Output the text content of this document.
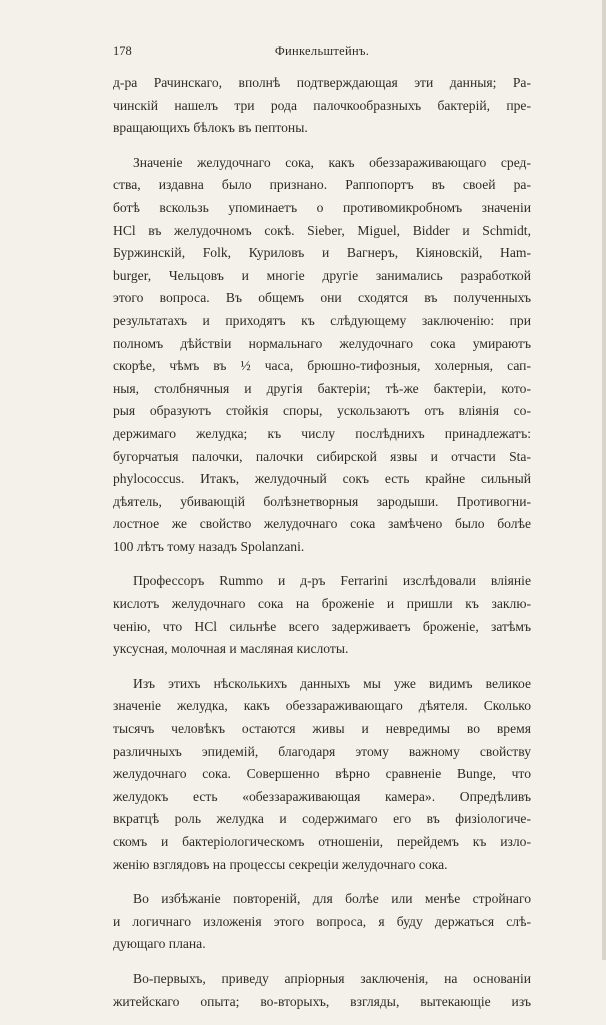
178	Финкельштейнъ.
д-ра Рачинскаго, вполнѣ подтверждающая эти данныя; Ра-
чинскій нашелъ три рода палочкообразныхъ бактерій, пре-
вращающихъ бѣлокъ въ пептоны.
Значеніе желудочнаго сока, какъ обеззараживающаго сред-
ства, издавна было признано. Раппопортъ въ своей ра-
ботѣ вскользь упоминаетъ о противомикробномъ значеніи
HCl въ желудочномъ сокѣ. Sieber, Miguel, Bidder и Schmidt,
Буржинскій, Folk, Куриловъ и Вагнеръ, Кіяновскій, Ham-
burger, Чельцовъ и многіе другіе занимались разработкой
этого вопроса. Въ общемъ они сходятся въ полученныхъ
результатахъ и приходятъ къ слѣдующему заключенію: при
полномъ дѣйствіи нормальнаго желудочнаго сока умираютъ
скорѣе, чѣмъ въ ½ часа, брюшно-тифозныя, холерныя, сап-
ныя, столбнячныя и другія бактеріи; тѣ-же бактеріи, кото-
рыя образуютъ стойкія споры, ускользаютъ отъ вліянія со-
держимаго желудка; къ числу послѣднихъ принадлежатъ:
бугорчатыя палочки, палочки сибирской язвы и отчасти Sta-
phylococcus. Итакъ, желудочный сокъ есть крайне сильный
дѣятель, убивающій болѣзнетворныя зародыши. Противогни-
лостное же свойство желудочнаго сока замѣчено было болѣе
100 лѣтъ тому назадъ Spolanzani.
Профессоръ Rummo и д-ръ Ferrarini изслѣдовали вліяніе
кислотъ желудочнаго сока на броженіе и пришли къ заклю-
ченію, что HCl сильнѣе всего задерживаетъ броженіе, затѣмъ
уксусная, молочная и масляная кислоты.
Изъ этихъ нѣсколькихъ данныхъ мы уже видимъ великое
значеніе желудка, какъ обеззараживающаго дѣятеля. Сколько
тысячъ человѣкъ остаются живы и невредимы во время
различныхъ эпидемій, благодаря этому важному свойству
желудочнаго сока. Совершенно вѣрно сравненіе Bunge, что
желудокъ есть «обеззараживающая камера». Опредѣливъ
вкратцѣ роль желудка и содержимаго его въ физіологиче-
скомъ и бактеріологическомъ отношеніи, перейдемъ къ изло-
женію взглядовъ на процессы секреціи желудочнаго сока.
Во избѣжаніе повтореній, для болѣе или менѣе стройнаго
и логичнаго изложенія этого вопроса, я буду держаться слѣ-
дующаго плана.
Во-первыхъ, приведу апріорныя заключенія, на основаніи
житейскаго опыта; во-вторыхъ, взгляды, вытекающіе изъ
